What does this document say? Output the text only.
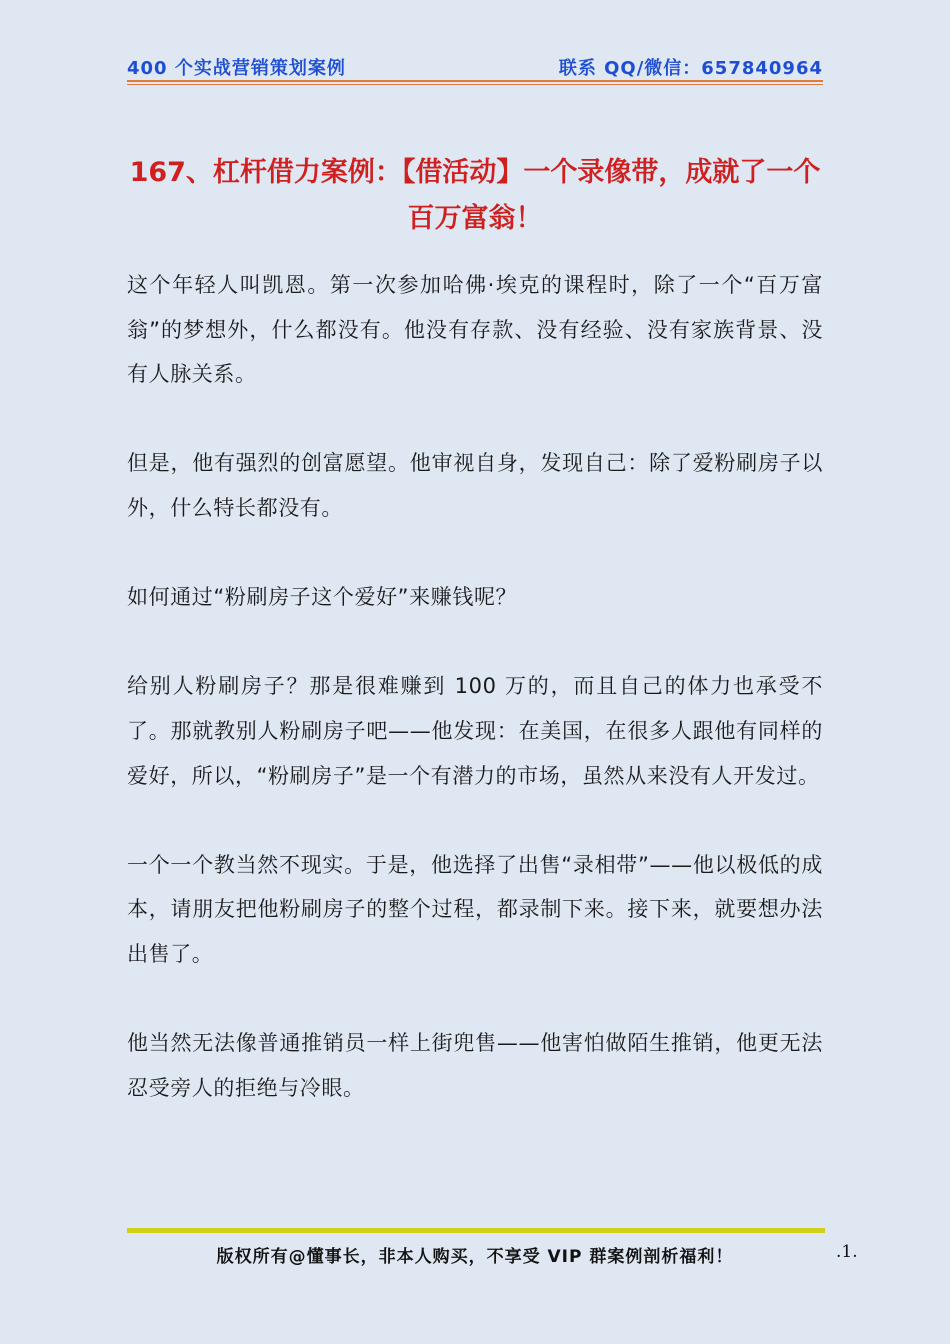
400 个实战营销策划案例	联系 QQ/微信：657840964
167、杠杆借力案例：【借活动】一个录像带，成就了一个百万富翁！

这个年轻人叫凯恩。第一次参加哈佛·埃克的课程时，除了一个“百万富翁”的梦想外，什么都没有。他没有存款、没有经验、没有家族背景、没有人脉关系。

但是，他有强烈的创富愿望。他审视自身，发现自己：除了爱粉刷房子以外，什么特长都没有。

如何通过“粉刷房子这个爱好”来赚钱呢？

给别人粉刷房子？那是很难赚到 100 万的，而且自己的体力也承受不了。那就教别人粉刷房子吧——他发现：在美国，在很多人跟他有同样的爱好，所以，“粉刷房子”是一个有潜力的市场，虽然从来没有人开发过。

一个一个教当然不现实。于是，他选择了出售“录相带”——他以极低的成本，请朋友把他粉刷房子的整个过程，都录制下来。接下来，就要想办法出售了。

他当然无法像普通推销员一样上街兜售——他害怕做陌生推销，他更无法忍受旁人的拒绝与冷眼。

版权所有@懂事长，非本人购买，不享受 VIP 群案例剖析福利！	.1.
